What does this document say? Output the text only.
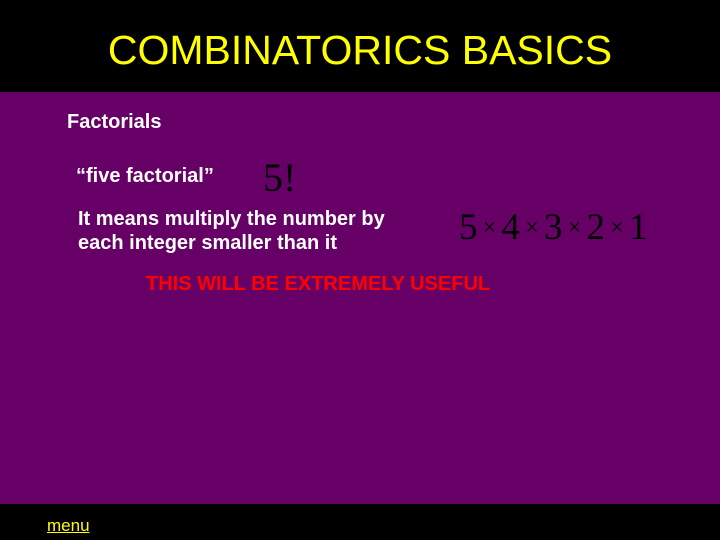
COMBINATORICS BASICS
Factorials
“five factorial” 5!
It means multiply the number by
each integer smaller than it	5 × 4 × 3 × 2 × 1
THIS WILL BE EXTREMELY USEFUL
menu
